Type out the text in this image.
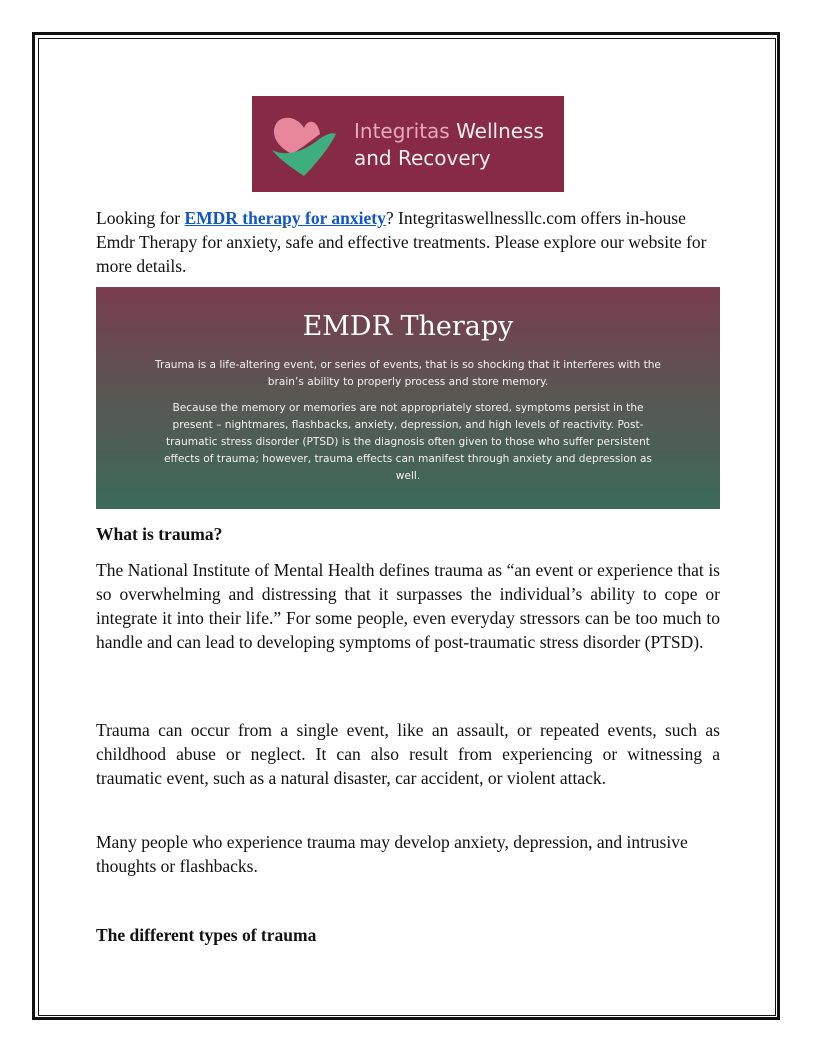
Integritas Wellness
and Recovery

Looking for EMDR therapy for anxiety? Integritaswellnessllc.com offers in-house Emdr Therapy for anxiety, safe and effective treatments. Please explore our website for more details.

EMDR Therapy
Trauma is a life-altering event, or series of events, that is so shocking that it interferes with the brain’s ability to properly process and store memory.
Because the memory or memories are not appropriately stored, symptoms persist in the present – nightmares, flashbacks, anxiety, depression, and high levels of reactivity. Post-traumatic stress disorder (PTSD) is the diagnosis often given to those who suffer persistent effects of trauma; however, trauma effects can manifest through anxiety and depression as well.
What is trauma?

The National Institute of Mental Health defines trauma as “an event or experience that is so overwhelming and distressing that it surpasses the individual’s ability to cope or integrate it into their life.” For some people, even everyday stressors can be too much to handle and can lead to developing symptoms of post-traumatic stress disorder (PTSD).

Trauma can occur from a single event, like an assault, or repeated events, such as childhood abuse or neglect. It can also result from experiencing or witnessing a traumatic event, such as a natural disaster, car accident, or violent attack.

Many people who experience trauma may develop anxiety, depression, and intrusive thoughts or flashbacks.

The different types of trauma
